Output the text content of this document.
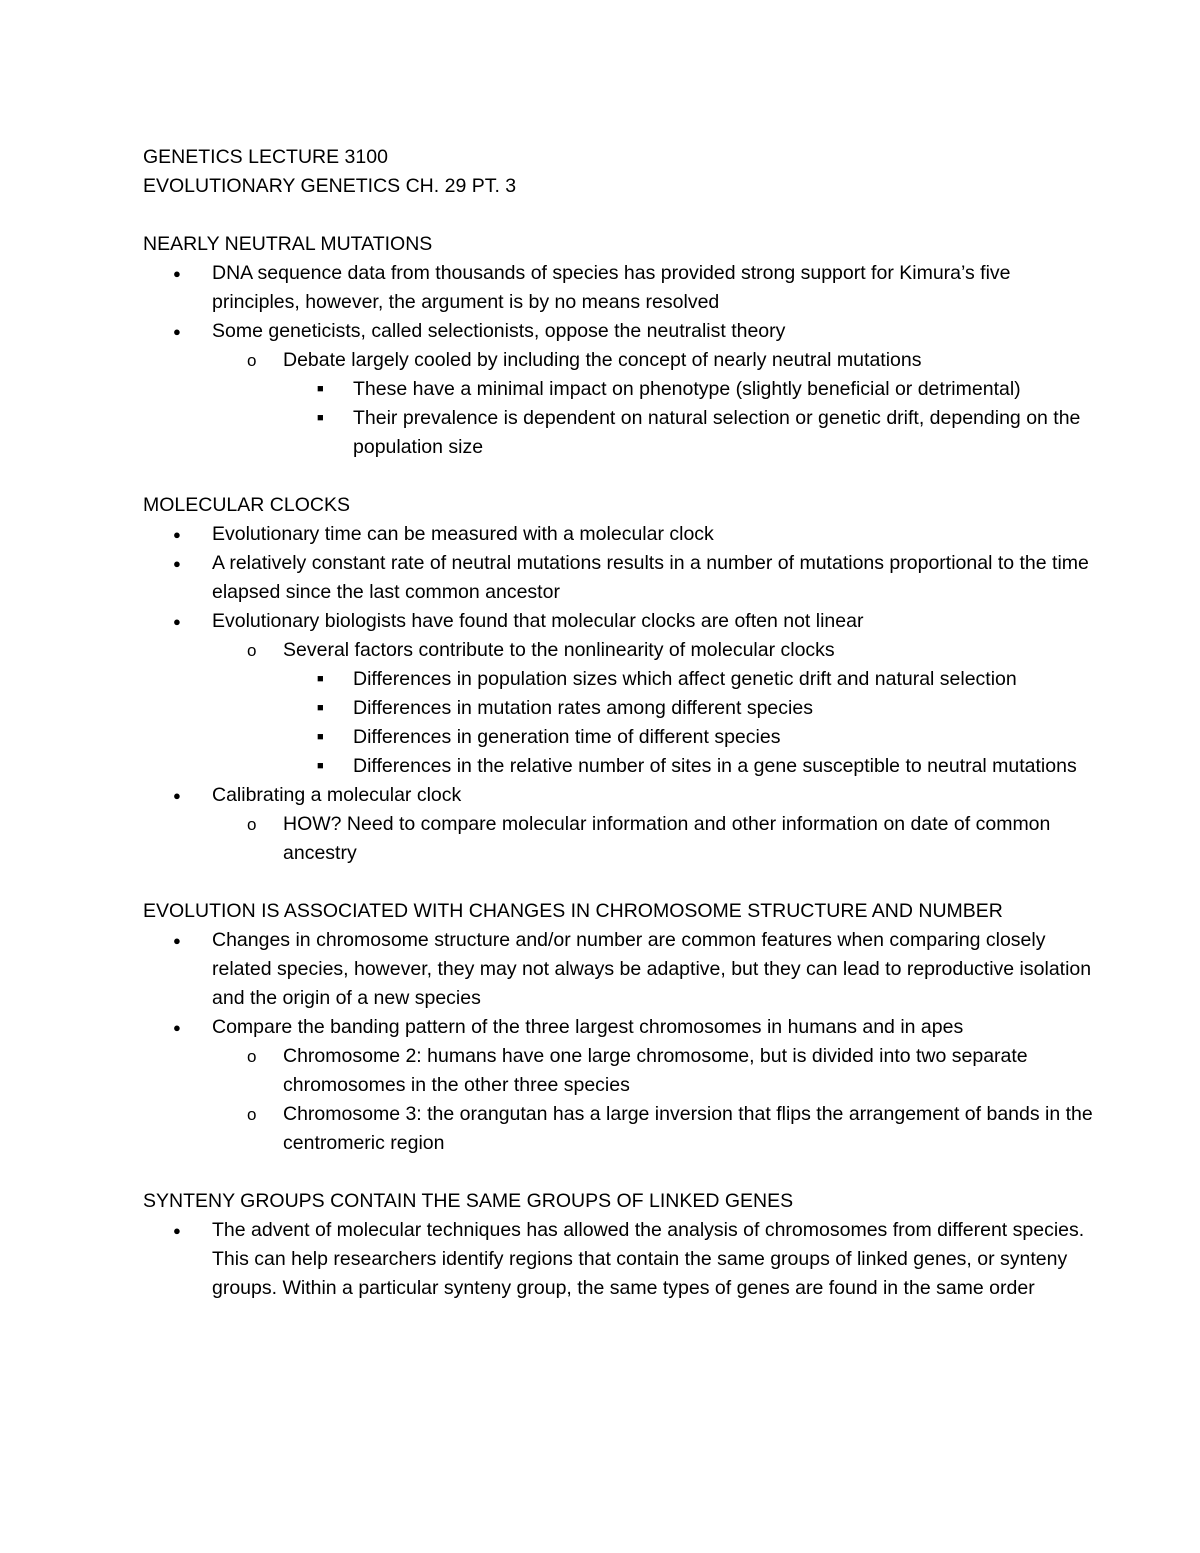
GENETICS LECTURE 3100
EVOLUTIONARY GENETICS CH. 29 PT. 3
NEARLY NEUTRAL MUTATIONS
● DNA sequence data from thousands of species has provided strong support for Kimura’s five principles, however, the argument is by no means resolved
● Some geneticists, called selectionists, oppose the neutralist theory
o Debate largely cooled by including the concept of nearly neutral mutations
■ These have a minimal impact on phenotype (slightly beneficial or detrimental)
■ Their prevalence is dependent on natural selection or genetic drift, depending on the population size
MOLECULAR CLOCKS
● Evolutionary time can be measured with a molecular clock
● A relatively constant rate of neutral mutations results in a number of mutations proportional to the time elapsed since the last common ancestor
● Evolutionary biologists have found that molecular clocks are often not linear
o Several factors contribute to the nonlinearity of molecular clocks
■ Differences in population sizes which affect genetic drift and natural selection
■ Differences in mutation rates among different species
■ Differences in generation time of different species
■ Differences in the relative number of sites in a gene susceptible to neutral mutations
● Calibrating a molecular clock
o HOW? Need to compare molecular information and other information on date of common ancestry
EVOLUTION IS ASSOCIATED WITH CHANGES IN CHROMOSOME STRUCTURE AND NUMBER
● Changes in chromosome structure and/or number are common features when comparing closely related species, however, they may not always be adaptive, but they can lead to reproductive isolation and the origin of a new species
● Compare the banding pattern of the three largest chromosomes in humans and in apes
o Chromosome 2: humans have one large chromosome, but is divided into two separate chromosomes in the other three species
o Chromosome 3: the orangutan has a large inversion that flips the arrangement of bands in the centromeric region
SYNTENY GROUPS CONTAIN THE SAME GROUPS OF LINKED GENES
● The advent of molecular techniques has allowed the analysis of chromosomes from different species. This can help researchers identify regions that contain the same groups of linked genes, or synteny groups. Within a particular synteny group, the same types of genes are found in the same order
